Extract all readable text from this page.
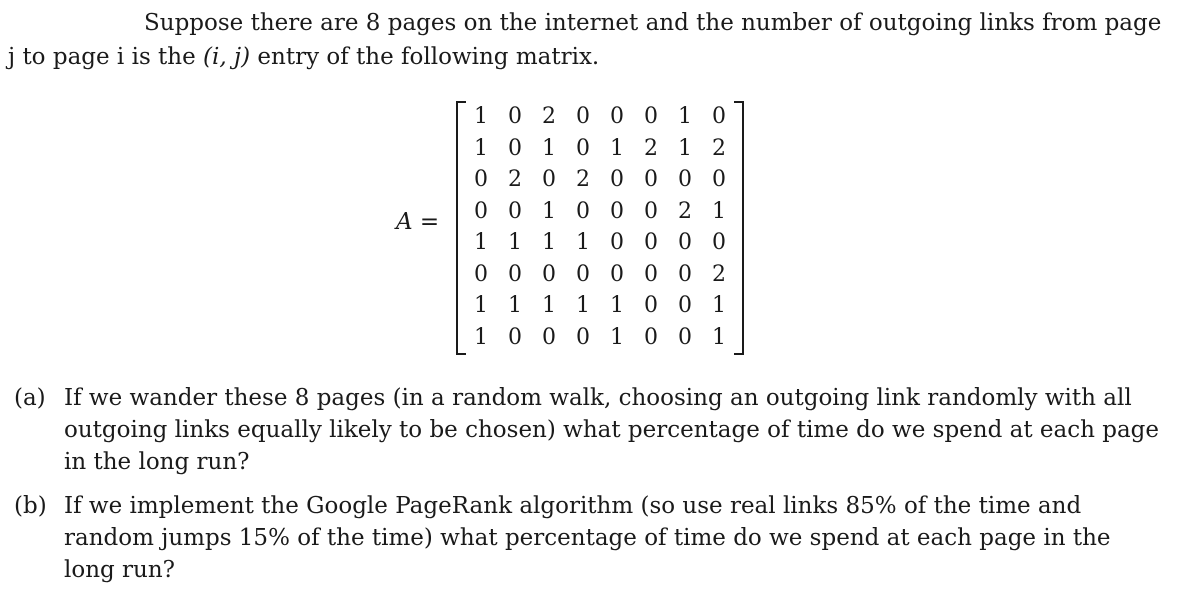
Suppose there are 8 pages on the internet and the number of outgoing links from page j to page i is the (i, j) entry of the following matrix.

A =
1 0 2 0 0 0 1 0
1 0 1 0 1 2 1 2
0 2 0 2 0 0 0 0
0 0 1 0 0 0 2 1
1 1 1 1 0 0 0 0
0 0 0 0 0 0 0 2
1 1 1 1 1 0 0 1
1 0 0 0 1 0 0 1
(a) If we wander these 8 pages (in a random walk, choosing an outgoing link randomly with all outgoing links equally likely to be chosen) what percentage of time do we spend at each page in the long run?
(b) If we implement the Google PageRank algorithm (so use real links 85% of the time and random jumps 15% of the time) what percentage of time do we spend at each page in the long run?
